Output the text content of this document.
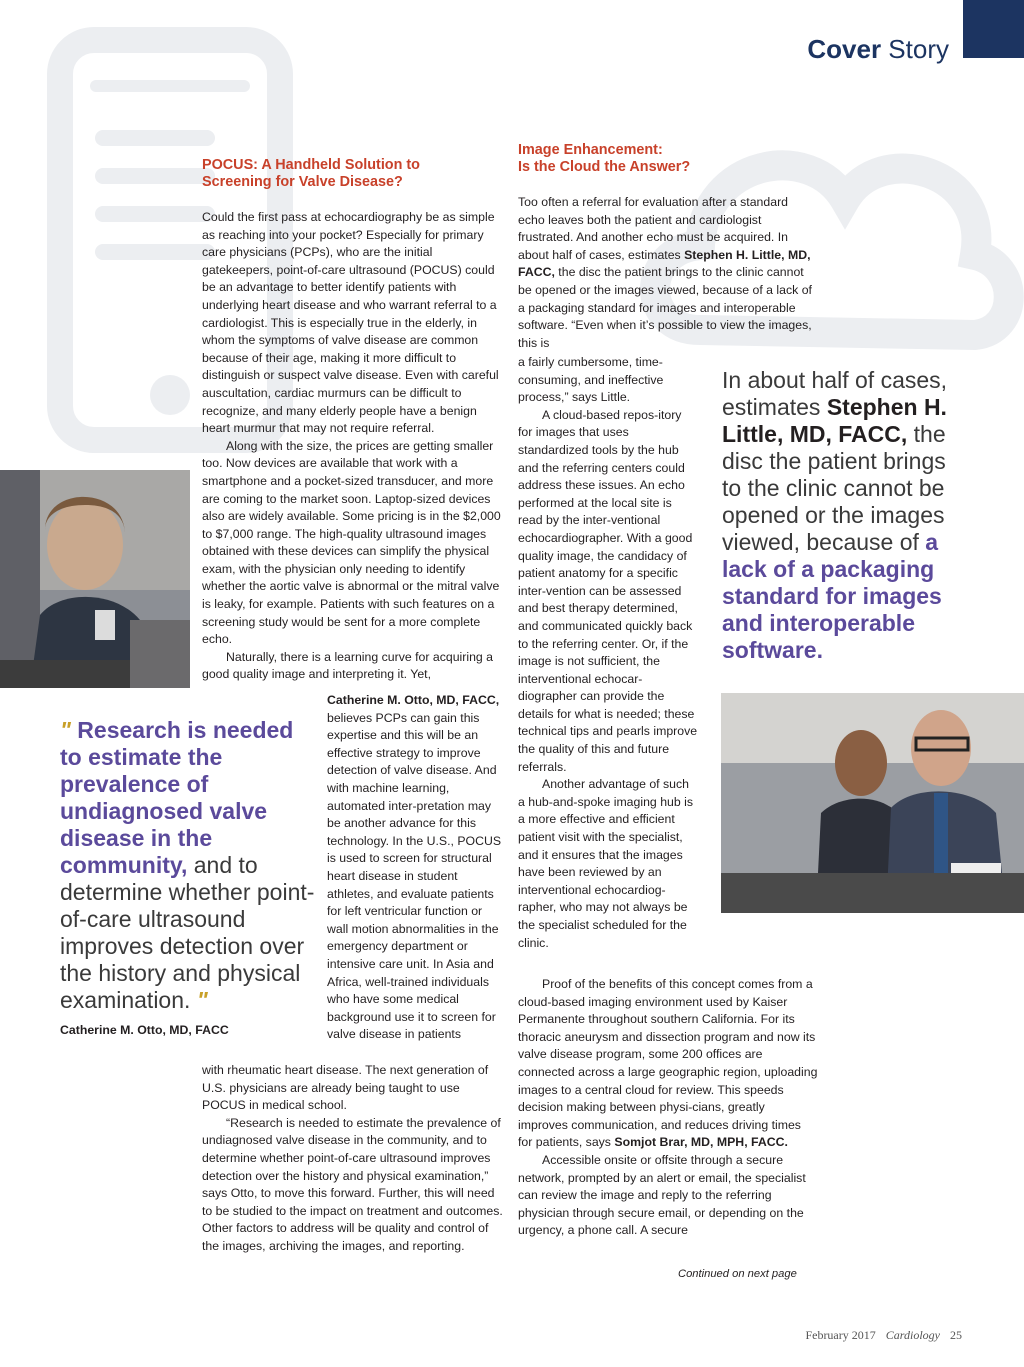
Cover Story
POCUS: A Handheld Solution to
Screening for Valve Disease?

Could the first pass at echocardiography be as simple as reaching into your pocket? Especially for primary care physicians (PCPs), who are the initial gatekeepers, point-of-care ultrasound (POCUS) could be an advantage to better identify patients with underlying heart disease and who warrant referral to a cardiologist. This is especially true in the elderly, in whom the symptoms of valve disease are common because of their age, making it more difficult to distinguish or suspect valve disease. Even with careful auscultation, cardiac murmurs can be difficult to recognize, and many elderly people have a benign heart murmur that may not require referral.

Along with the size, the prices are getting smaller too. Now devices are available that work with a smartphone and a pocket-sized transducer, and more are coming to the market soon. Laptop-sized devices also are widely available. Some pricing is in the $2,000 to $7,000 range. The high-quality ultrasound images obtained with these devices can simplify the physical exam, with the physician only needing to identify whether the aortic valve is abnormal or the mitral valve is leaky, for example. Patients with such features on a screening study would be sent for a more complete echo.

Naturally, there is a learning curve for acquiring a good quality image and interpreting it. Yet,

Catherine M. Otto, MD, FACC, believes PCPs can gain this expertise and this will be an effective strategy to improve detection of valve disease. And with machine learning, automated inter-pretation may be another advance for this technology. In the U.S., POCUS is used to screen for structural heart disease in student athletes, and evaluate patients for left ventricular function or wall motion abnormalities in the emergency department or intensive care unit. In Asia and Africa, well-trained individuals who have some medical background use it to screen for valve disease in patients

with rheumatic heart disease. The next generation of U.S. physicians are already being taught to use POCUS in medical school.

“Research is needed to estimate the prevalence of undiagnosed valve disease in the community, and to determine whether point-of-care ultrasound improves detection over the history and physical examination,” says Otto, to move this forward. Further, this will need to be studied to the impact on treatment and outcomes. Other factors to address will be quality and control of the images, archiving the images, and reporting.

Image Enhancement:
Is the Cloud the Answer?

Too often a referral for evaluation after a standard echo leaves both the patient and cardiologist frustrated. And another echo must be acquired. In about half of cases, estimates Stephen H. Little, MD, FACC, the disc the patient brings to the clinic cannot be opened or the images viewed, because of a lack of a packaging standard for images and interoperable software. “Even when it’s possible to view the images, this is

a fairly cumbersome, time-consuming, and ineffective process,” says Little.

A cloud-based repos-itory for images that uses standardized tools by the hub and the referring centers could address these issues. An echo performed at the local site is read by the inter-ventional echocardiographer. With a good quality image, the candidacy of patient anatomy for a specific inter-vention can be assessed and best therapy determined, and communicated quickly back to the referring center. Or, if the image is not sufficient, the interventional echocar-diographer can provide the details for what is needed; these technical tips and pearls improve the quality of this and future referrals.

Another advantage of such a hub-and-spoke imaging hub is a more effective and efficient patient visit with the specialist, and it ensures that the images have been reviewed by an interventional echocardiog-rapher, who may not always be the specialist scheduled for the clinic.

Proof of the benefits of this concept comes from a cloud-based imaging environment used by Kaiser Permanente throughout southern California. For its thoracic aneurysm and dissection program and now its valve disease program, some 200 offices are connected across a large geographic region, uploading images to a central cloud for review. This speeds decision making between physi-cians, greatly improves communication, and reduces driving times for patients, says Somjot Brar, MD, MPH, FACC.

Accessible onsite or offsite through a secure network, prompted by an alert or email, the specialist can review the image and reply to the referring physician through secure email, or depending on the urgency, a phone call. A secure

In about half of cases, estimates Stephen H. Little, MD, FACC, the disc the patient brings to the clinic cannot be opened or the images viewed, because of a lack of a packaging standard for images and interoperable software.
" Research is needed to estimate the prevalence of undiagnosed valve disease in the community, and to determine whether point-of-care ultrasound improves detection over the history and physical examination. "
Catherine M. Otto, MD, FACC
Continued on next page
February 2017 Cardiology 25
